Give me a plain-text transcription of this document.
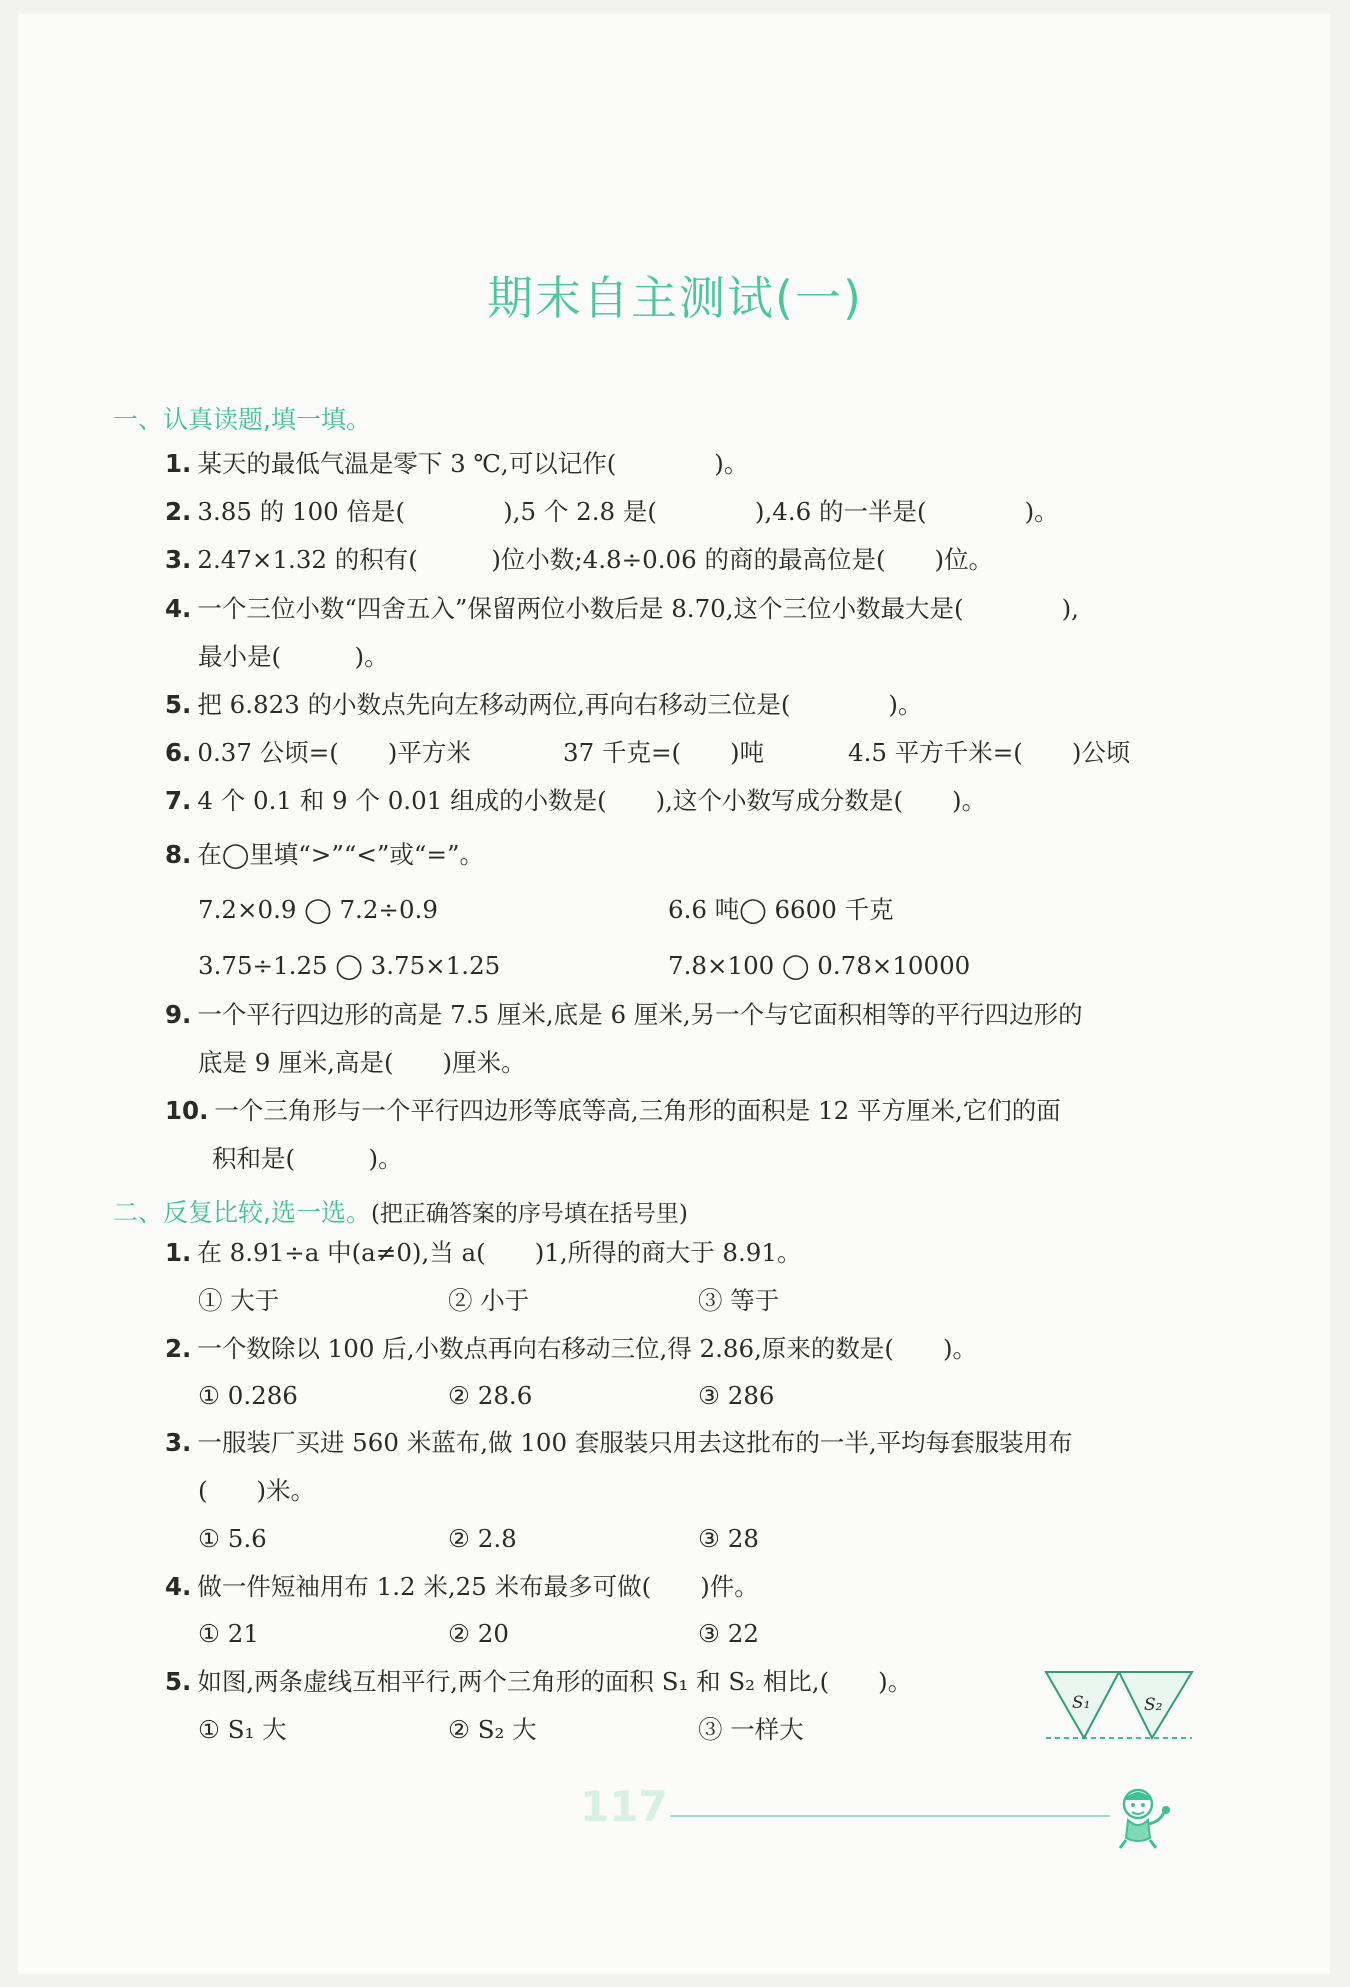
期末自主测试(一)
一、认真读题,填一填。
1. 某天的最低气温是零下 3 ℃,可以记作(　　　　)。
2. 3.85 的 100 倍是(　　　　),5 个 2.8 是(　　　　),4.6 的一半是(　　　　)。
3. 2.47×1.32 的积有(　　　)位小数;4.8÷0.06 的商的最高位是(　　)位。
4. 一个三位小数“四舍五入”保留两位小数后是 8.70,这个三位小数最大是(　　　　),
最小是(　　　)。
5. 把 6.823 的小数点先向左移动两位,再向右移动三位是(　　　　)。
6. 0.37 公顷=(　　)平方米	37 千克=(　　)吨	4.5 平方千米=(　　)公顷
7. 4 个 0.1 和 9 个 0.01 组成的小数是(　　),这个小数写成分数是(　　)。
8. 在◯里填“>”“<”或“=”。
7.2×0.9 ◯ 7.2÷0.9	6.6 吨◯ 6600 千克
3.75÷1.25 ◯ 3.75×1.25	7.8×100 ◯ 0.78×10000
9. 一个平行四边形的高是 7.5 厘米,底是 6 厘米,另一个与它面积相等的平行四边形的
底是 9 厘米,高是(　　)厘米。
10. 一个三角形与一个平行四边形等底等高,三角形的面积是 12 平方厘米,它们的面
积和是(　　　)。
二、反复比较,选一选。(把正确答案的序号填在括号里)
1. 在 8.91÷a 中(a≠0),当 a(　　)1,所得的商大于 8.91。
① 大于	② 小于	③ 等于
2. 一个数除以 100 后,小数点再向右移动三位,得 2.86,原来的数是(　　)。
① 0.286	② 28.6	③ 286
3. 一服装厂买进 560 米蓝布,做 100 套服装只用去这批布的一半,平均每套服装用布
(　　)米。
① 5.6	② 2.8	③ 28
4. 做一件短袖用布 1.2 米,25 米布最多可做(　　)件。
① 21	② 20	③ 22
5. 如图,两条虚线互相平行,两个三角形的面积 S₁ 和 S₂ 相比,(　　)。
① S₁ 大	② S₂ 大	③ 一样大
S₁	S₂
117
